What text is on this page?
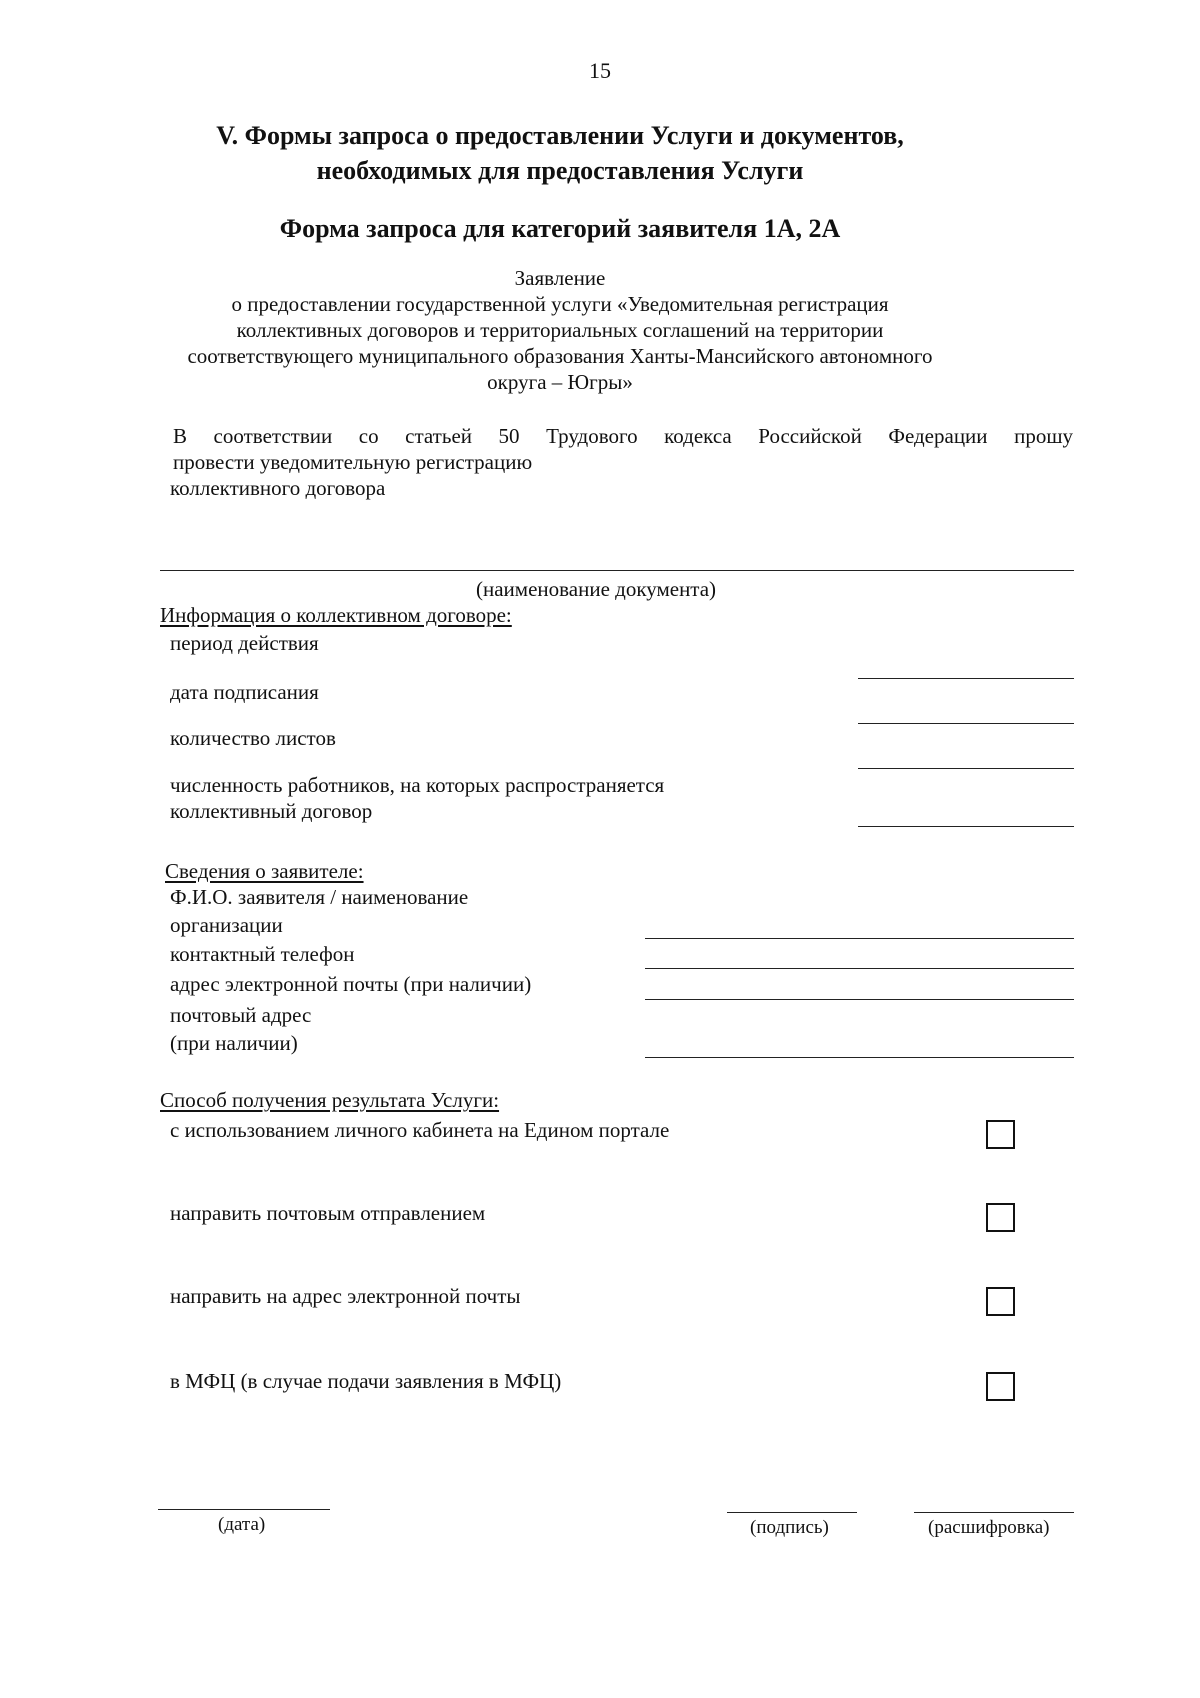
15
V. Формы запроса о предоставлении Услуги и документов,
необходимых для предоставления Услуги
Форма запроса для категорий заявителя 1А, 2А
Заявление
о предоставлении государственной услуги «Уведомительная регистрация
коллективных договоров и территориальных соглашений на территории
соответствующего муниципального образования Ханты-Мансийского автономного
округа – Югры»
В соответствии со статьей 50 Трудового кодекса Российской Федерации прошу
провести уведомительную регистрацию
коллективного договора
(наименование документа)
Информация о коллективном договоре:
период действия
дата подписания
количество листов
численность работников, на которых распространяется
коллективный договор
Сведения о заявителе:
Ф.И.О. заявителя / наименование
организации
контактный телефон
адрес электронной почты (при наличии)
почтовый адрес
(при наличии)
Способ получения результата Услуги:
с использованием личного кабинета на Едином портале
направить почтовым отправлением
направить на адрес электронной почты
в МФЦ (в случае подачи заявления в МФЦ)
(дата)	(подпись)	(расшифровка)
